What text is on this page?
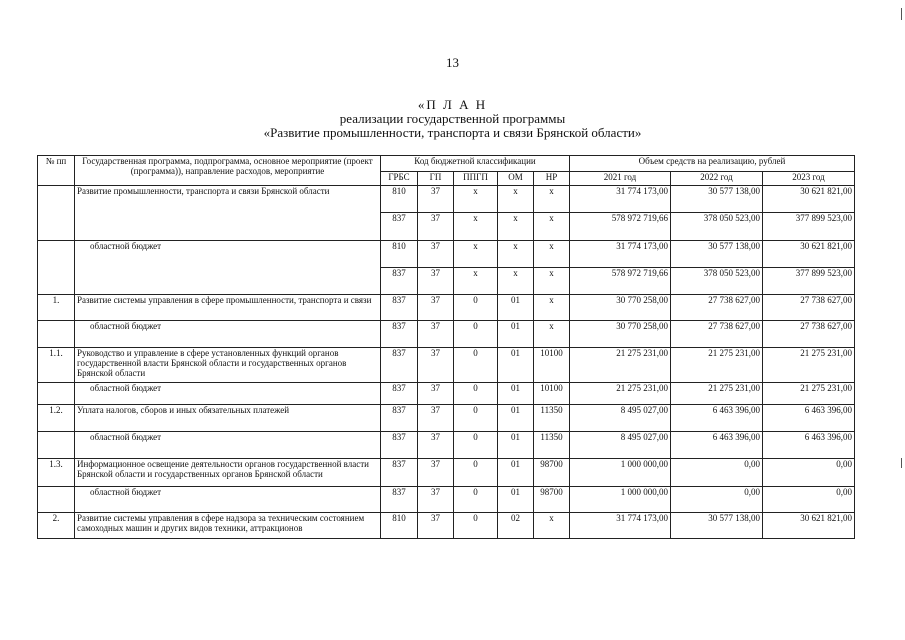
13
«П Л А Н
реализации государственной программы
«Развитие промышленности, транспорта и связи Брянской области»
№ пп	Государственная программа, подпрограмма, основное мероприятие (проект (программа)), направление расходов, мероприятие	Код бюджетной классификации					Объем средств на реализацию, рублей		
		ГРБС	ГП	ППГП	ОМ	НР	2021 год	2022 год	2023 год
	Развитие промышленности, транспорта и связи Брянской области	810	37	х	х	х	31 774 173,00	30 577 138,00	30 621 821,00
		837	37	х	х	х	578 972 719,66	378 050 523,00	377 899 523,00
	областной бюджет	810	37	х	х	х	31 774 173,00	30 577 138,00	30 621 821,00
		837	37	х	х	х	578 972 719,66	378 050 523,00	377 899 523,00
1.	Развитие системы управления в сфере промышленности, транспорта и связи	837	37	0	01	х	30 770 258,00	27 738 627,00	27 738 627,00
	областной бюджет	837	37	0	01	х	30 770 258,00	27 738 627,00	27 738 627,00
1.1.	Руководство и управление в сфере установленных функций органов государственной власти Брянской области и государственных органов Брянской области	837	37	0	01	10100	21 275 231,00	21 275 231,00	21 275 231,00
	областной бюджет	837	37	0	01	10100	21 275 231,00	21 275 231,00	21 275 231,00
1.2.	Уплата налогов, сборов и иных обязательных платежей	837	37	0	01	11350	8 495 027,00	6 463 396,00	6 463 396,00
	областной бюджет	837	37	0	01	11350	8 495 027,00	6 463 396,00	6 463 396,00
1.3.	Информационное освещение деятельности органов государственной власти Брянской области и государственных органов Брянской области	837	37	0	01	98700	1 000 000,00	0,00	0,00
	областной бюджет	837	37	0	01	98700	1 000 000,00	0,00	0,00
2.	Развитие системы управления в сфере надзора за техническим состоянием самоходных машин и других видов техники, аттракционов	810	37	0	02	х	31 774 173,00	30 577 138,00	30 621 821,00
